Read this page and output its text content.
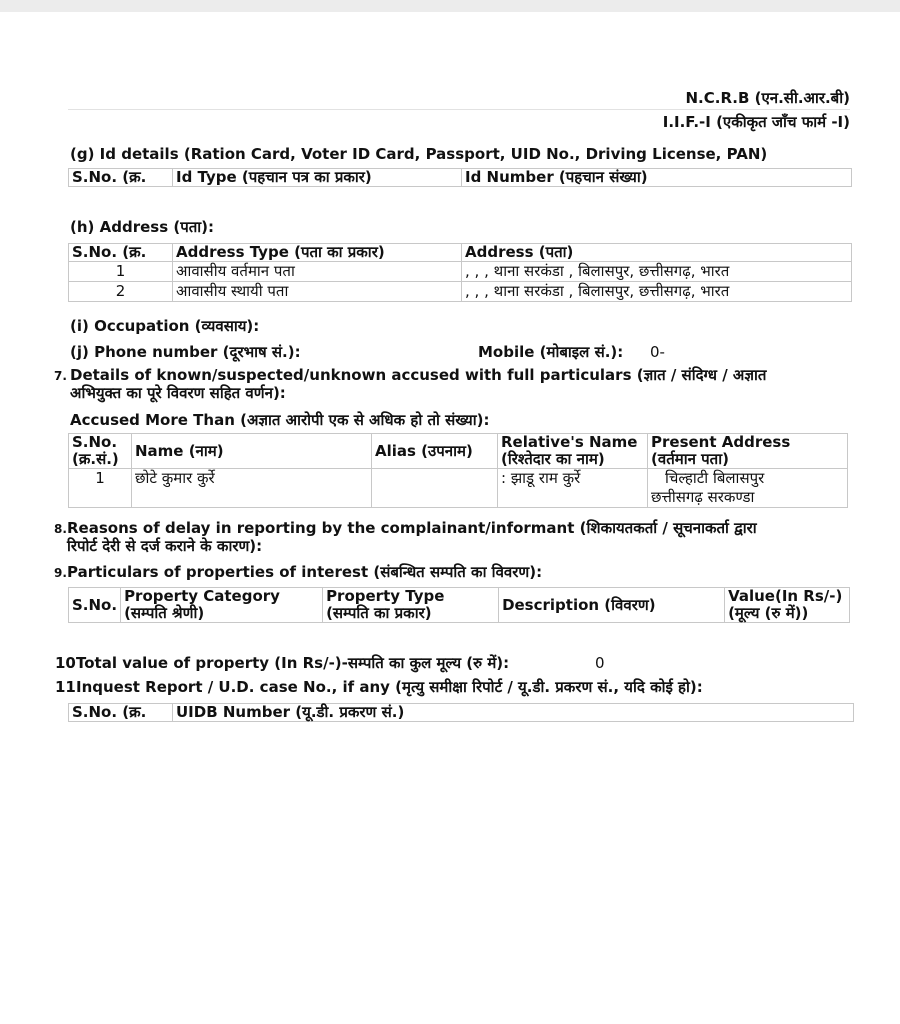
N.C.R.B (एन.सी.आर.बी)
I.I.F.-I (एकीकृत जाँच फार्म -I)
(g) Id details (Ration Card, Voter ID Card, Passport, UID No., Driving License, PAN)
S.No. (क्र.	Id Type (पहचान पत्र का प्रकार)	Id Number (पहचान संख्या)
(h) Address (पता):
S.No. (क्र.	Address Type (पता का प्रकार)	Address (पता)
1	आवासीय वर्तमान पता	, , , थाना सरकंडा , बिलासपुर, छत्तीसगढ़, भारत
2	आवासीय स्थायी पता	, , , थाना सरकंडा , बिलासपुर, छत्तीसगढ़, भारत
(i) Occupation (व्यवसाय):
(j) Phone number (दूरभाष सं.):	Mobile (मोबाइल सं.): 0-
7. Details of known/suspected/unknown accused with full particulars (ज्ञात / संदिग्ध / अज्ञात
अभियुक्त का पूरे विवरण सहित वर्णन):
Accused More Than (अज्ञात आरोपी एक से अधिक हो तो संख्या):
S.No.
(क्र.सं.)	Name (नाम)	Alias (उपनाम)	Relative's Name
(रिश्तेदार का नाम)	Present Address
(वर्तमान पता)
1	छोटे कुमार कुर्रे		: झाडू राम कुर्रे	चिल्हाटी बिलासपुर
छत्तीसगढ़ सरकण्डा
8. Reasons of delay in reporting by the complainant/informant (शिकायतकर्ता / सूचनाकर्ता द्वारा
रिपोर्ट देरी से दर्ज कराने के कारण):
9. Particulars of properties of interest (संबन्धित सम्पति का विवरण):
S.No.	Property Category
(सम्पति श्रेणी)	Property Type
(सम्पति का प्रकार)	Description (विवरण)	Value(In Rs/-)
(मूल्य (रु में))
10 Total value of property (In Rs/-)-सम्पति का कुल मूल्य (रु में):	0
11 Inquest Report / U.D. case No., if any (मृत्यु समीक्षा रिपोर्ट / यू.डी. प्रकरण सं., यदि कोई हो):
S.No. (क्र.	UIDB Number (यू.डी. प्रकरण सं.)
